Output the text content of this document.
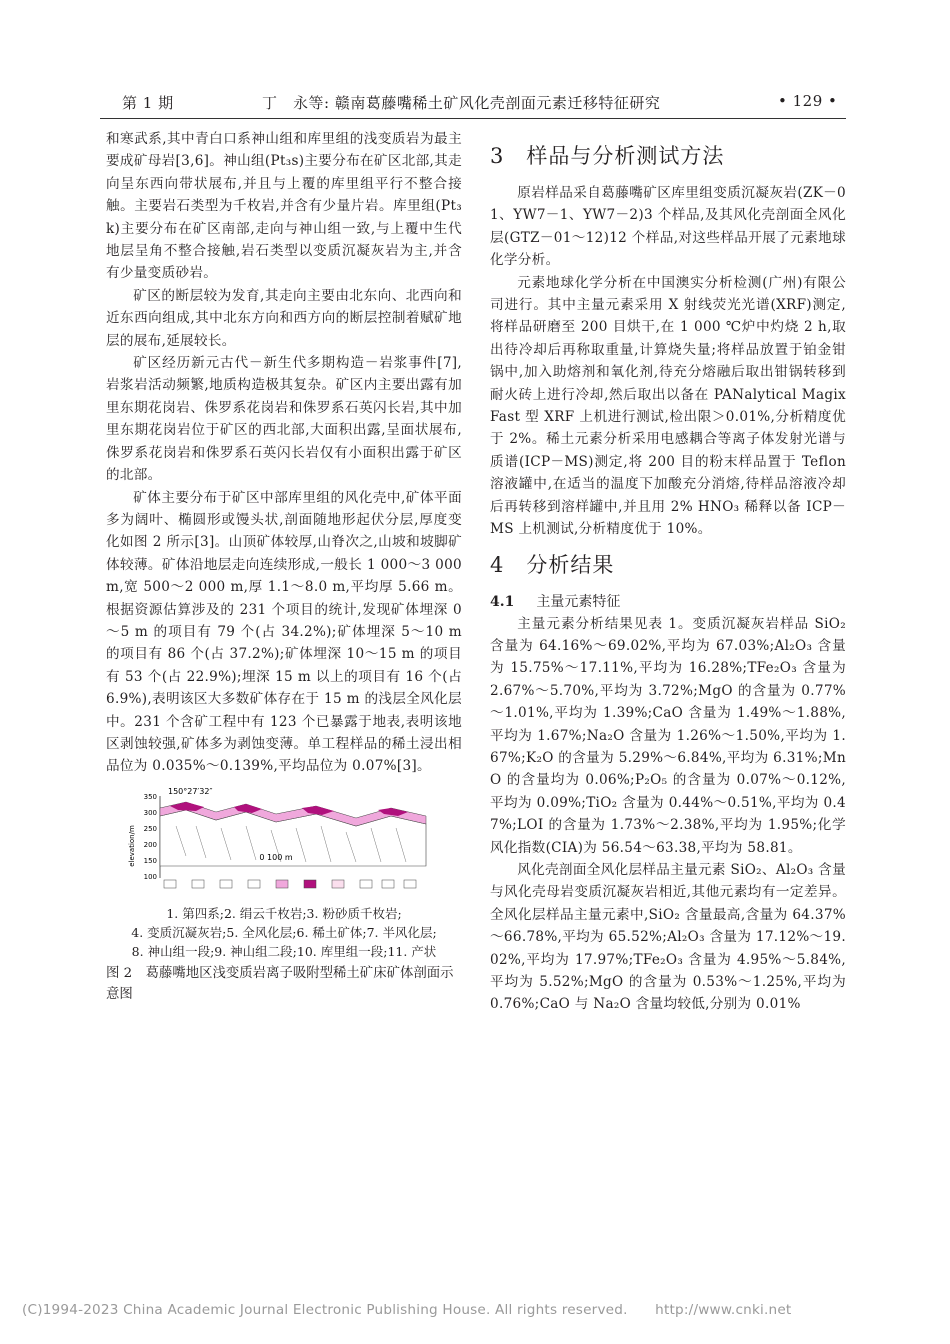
第 1 期	丁　永等: 赣南葛藤嘴稀土矿风化壳剖面元素迁移特征研究	• 129 •

和寒武系,其中青白口系神山组和库里组的浅变质岩为最主要成矿母岩[3,6]。神山组(Pt₃s)主要分布在矿区北部,其走向呈东西向带状展布,并且与上覆的库里组平行不整合接触。主要岩石类型为千枚岩,并含有少量片岩。库里组(Pt₃k)主要分布在矿区南部,走向与神山组一致,与上覆中生代地层呈角不整合接触,岩石类型以变质沉凝灰岩为主,并含有少量变质砂岩。

矿区的断层较为发育,其走向主要由北东向、北西向和近东西向组成,其中北东方向和西方向的断层控制着赋矿地层的展布,延展较长。

矿区经历新元古代－新生代多期构造－岩浆事件[7],岩浆岩活动频繁,地质构造极其复杂。矿区内主要出露有加里东期花岗岩、侏罗系花岗岩和侏罗系石英闪长岩,其中加里东期花岗岩位于矿区的西北部,大面积出露,呈面状展布,侏罗系花岗岩和侏罗系石英闪长岩仅有小面积出露于矿区的北部。

矿体主要分布于矿区中部库里组的风化壳中,矿体平面多为阔叶、椭圆形或馒头状,剖面随地形起伏分层,厚度变化如图 2 所示[3]。山顶矿体较厚,山脊次之,山坡和坡脚矿体较薄。矿体沿地层走向连续形成,一般长 1 000～3 000 m,宽 500～2 000 m,厚 1.1～8.0 m,平均厚 5.66 m。根据资源估算涉及的 231 个项目的统计,发现矿体埋深 0～5 m 的项目有 79 个(占 34.2%);矿体埋深 5～10 m 的项目有 86 个(占 37.2%);矿体埋深 10～15 m 的项目有 53 个(占 22.9%);埋深 15 m 以上的项目有 16 个(占 6.9%),表明该区大多数矿体存在于 15 m 的浅层全风化层中。231 个含矿工程中有 123 个已暴露于地表,表明该地区剥蚀较强,矿体多为剥蚀变薄。单工程样品的稀土浸出相品位为 0.035%～0.139%,平均品位为 0.07%[3]。

150°27′32″
elevation/m
350
300
250
200
150
100
0 100 m
1. 第四系;2. 绢云千枚岩;3. 粉砂质千枚岩;
4. 变质沉凝灰岩;5. 全风化层;6. 稀土矿体;7. 半风化层;
8. 神山组一段;9. 神山组二段;10. 库里组一段;11. 产状
图 2　 葛藤嘴地区浅变质岩离子吸附型稀土矿床矿体剖面示意图
3　样品与分析测试方法

原岩样品采自葛藤嘴矿区库里组变质沉凝灰岩(ZK－01、YW7－1、YW7－2)3 个样品,及其风化壳剖面全风化层(GTZ－01～12)12 个样品,对这些样品开展了元素地球化学分析。

元素地球化学分析在中国澳实分析检测(广州)有限公司进行。其中主量元素采用 X 射线荧光光谱(XRF)测定,将样品研磨至 200 目烘干,在 1 000 ℃炉中灼烧 2 h,取出待冷却后再称取重量,计算烧失量;将样品放置于铂金钳锅中,加入助熔剂和氧化剂,待充分熔融后取出钳锅转移到耐火砖上进行冷却,然后取出以备在 PANalytical Magix Fast 型 XRF 上机进行测试,检出限＞0.01%,分析精度优于 2%。稀土元素分析采用电感耦合等离子体发射光谱与质谱(ICP－MS)测定,将 200 目的粉末样品置于 Teflon 溶液罐中,在适当的温度下加酸充分消熔,待样品溶液冷却后再转移到溶样罐中,并且用 2% HNO₃ 稀释以备 ICP－MS 上机测试,分析精度优于 10%。

4　分析结果
4.1 主量元素特征

主量元素分析结果见表 1。变质沉凝灰岩样品 SiO₂ 含量为 64.16%～69.02%,平均为 67.03%;Al₂O₃ 含量为 15.75%～17.11%,平均为 16.28%;TFe₂O₃ 含量为 2.67%～5.70%,平均为 3.72%;MgO 的含量为 0.77%～1.01%,平均为 1.39%;CaO 含量为 1.49%～1.88%,平均为 1.67%;Na₂O 含量为 1.26%～1.50%,平均为 1.67%;K₂O 的含量为 5.29%～6.84%,平均为 6.31%;MnO 的含量均为 0.06%;P₂O₅ 的含量为 0.07%～0.12%,平均为 0.09%;TiO₂ 含量为 0.44%～0.51%,平均为 0.47%;LOI 的含量为 1.73%～2.38%,平均为 1.95%;化学风化指数(CIA)为 56.54～63.38,平均为 58.81。

风化壳剖面全风化层样品主量元素 SiO₂、Al₂O₃ 含量与风化壳母岩变质沉凝灰岩相近,其他元素均有一定差异。全风化层样品主量元素中,SiO₂ 含量最高,含量为 64.37%～66.78%,平均为 65.52%;Al₂O₃ 含量为 17.12%～19.02%,平均为 17.97%;TFe₂O₃ 含量为 4.95%～5.84%,平均为 5.52%;MgO 的含量为 0.53%～1.25%,平均为 0.76%;CaO 与 Na₂O 含量均较低,分别为 0.01%

(C)1994-2023 China Academic Journal Electronic Publishing House. All rights reserved.　　http://www.cnki.net
